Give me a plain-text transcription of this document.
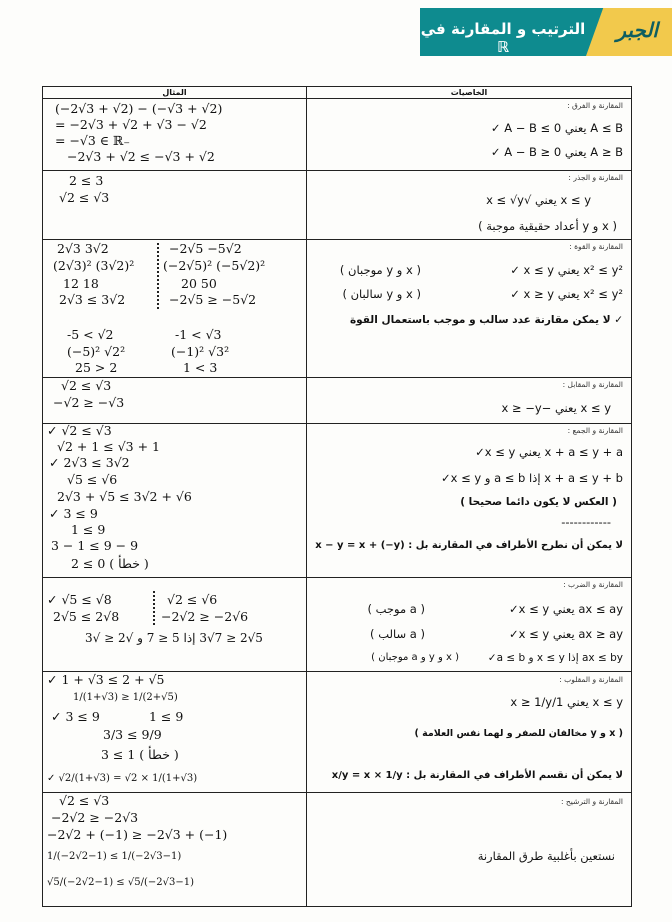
الترتيب و المقارنة في ℝ
الجبر
المثال	الخاصيات
المقارنة و الفرق :
A ≤ B يعني A − B ≤ 0 ✓
A ≥ B يعني A − B ≥ 0 ✓
(−2√3 + √2) − (−√3 + √2)
= −2√3 + √2 + √3 − √2
= −√3 ∈ ℝ₋
−2√3 + √2 ≤ −√3 + √2
المقارنة و الجذر :
x ≤ y يعني √x ≤ √y
( x و y أعداد حقيقية موجبة )
2 ≤ 3
√2 ≤ √3
المقارنة و القوة :
x² ≤ y² يعني x ≤ y ✓
( x و y موجبان )
x² ≤ y² يعني x ≥ y ✓
( x و y سالبان )
✓ لا يمكن مقارنة عدد سالب و موجب باستعمال القوة
2√3 3√2
(2√3)² (3√2)²
12 18
2√3 ≤ 3√2
−2√5 −5√2
(−2√5)² (−5√2)²
20 50
−2√5 ≥ −5√2
-5 < √2
(−5)² √2²
25 > 2
-1 < √3
(−1)² √3²
1 < 3
المقارنة و المقابل :
x ≤ y يعني −x ≥ −y
√2 ≤ √3
−√2 ≥ −√3
المقارنة و الجمع :
x + a ≤ y + a يعني x ≤ y✓
x + a ≤ y + b إذا a ≤ b و x ≤ y✓
( العكس لا يكون دائما صحيحا )
------------
لا يمكن أن نطرح الأطراف في المقارنة بل : x − y = x + (−y)
✓ √2 ≤ √3
√2 + 1 ≤ √3 + 1
✓ 2√3 ≤ 3√2
√5 ≤ √6
2√3 + √5 ≤ 3√2 + √6
✓ 3 ≤ 9
1 ≤ 9
3 − 1 ≤ 9 − 9
2 ≤ 0 ( خطأ )
المقارنة و الضرب :
ax ≤ ay يعني x ≤ y✓
( a موجب )
ax ≥ ay يعني x ≤ y✓
( a سالب )
ax ≤ by إذا x ≤ y و a ≤ b✓
( x و y و a موجبان )
✓ √5 ≤ √8
2√5 ≤ 2√8
√2 ≤ √6
−2√2 ≥ −2√6
5√2 ≤ 7√3 إذا 5 ≤ 7 و √2 ≤ √3
المقارنة و المقلوب :
x ≤ y يعني 1/x ≥ 1/y
( x و y مخالفان للصفر و لهما نفس العلامة )
لا يمكن أن نقسم الأطراف في المقارنة بل : x/y = x × 1/y
✓ 1 + √3 ≤ 2 + √5
1/(1+√3) ≥ 1/(2+√5)
✓ 3 ≤ 9	1 ≤ 9
3/3 ≤ 9/9
3 ≤ 1 ( خطأ )
✓ √2/(1+√3) = √2 × 1/(1+√3)
المقارنة و الترشيح :
نستعين بأغلبية طرق المقارنة
√2 ≤ √3
−2√2 ≥ −2√3
−2√2 + (−1) ≥ −2√3 + (−1)
1/(−2√2−1) ≤ 1/(−2√3−1)
√5/(−2√2−1) ≤ √5/(−2√3−1)
